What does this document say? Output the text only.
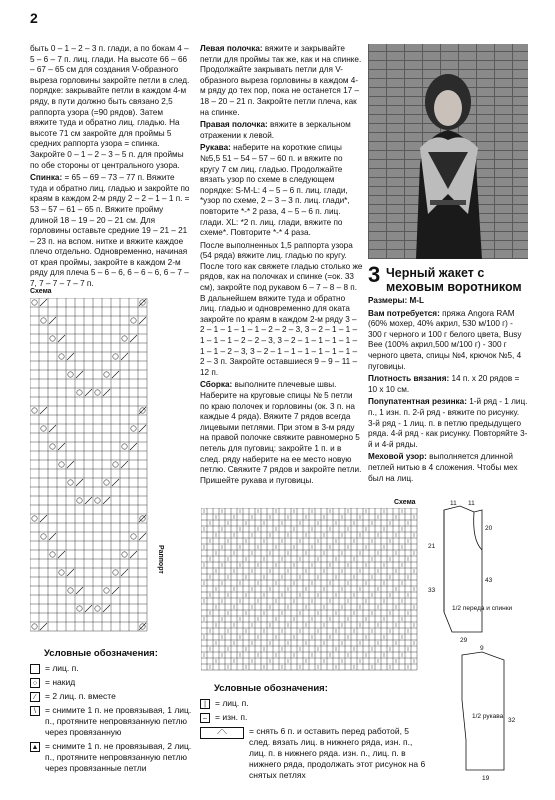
2

быть 0 – 1 – 2 – 3 п. глади, а по бокам 4 – 5 – 6 – 7 п. лиц. глади. На высоте 66 – 66 – 67 – 65 см для создания V-образного выреза горловины закройте петли в след. порядке: закрывайте петли в каждом 4-м ряду, в пути должно быть связано 2,5 раппорта узора (=90 рядов). Затем вяжите туда и обратно лиц. гладью. На высоте 71 см закройте для проймы 5 средних раппорта узора = спинка. Закройте 0 – 1 – 2 – 3 – 5 п. для проймы по обе стороны от центрального узора.

Спинка: = 65 – 69 – 73 – 77 п. Вяжите туда и обратно лиц. гладью и закройте по краям в каждом 2-м ряду 2 – 2 – 1 – 1 п. = 53 – 57 – 61 – 65 п. Вяжите пройму длиной 18 – 19 – 20 – 21 см. Для горловины оставьте средние 19 – 21 – 21 – 23 п. на вспом. нитке и вяжите каждое плечо отдельно. Одновременно, начиная от края проймы, закройте в каждом 2-м ряду для плеча 5 – 6 – 6, 6 – 6 – 6, 6 – 7 – 7, 7 – 7 – 7 – 7 п.

Левая полочка: вяжите и закрывайте петли для проймы так же, как и на спинке. Продолжайте закрывать петли для V-образного выреза горловины в каждом 4-м ряду до тех пор, пока не останется 17 – 18 – 20 – 21 п. Закройте петли плеча, как на спинке.

Правая полочка: вяжите в зеркальном отражении к левой.

Рукава: наберите на короткие спицы №5,5 51 – 54 – 57 – 60 п. и вяжите по кругу 7 см лиц. гладью. Продолжайте вязать узор по схеме в следующем порядке: S-M-L: 4 – 5 – 6 п. лиц. глади, *узор по схеме, 2 – 3 – 3 п. лиц. глади*, повторите *-* 2 раза, 4 – 5 – 6 п. лиц. глади. XL: *2 п. лиц. глади, вяжите по схеме*. Повторите *-* 4 раза.

После выполненных 1,5 раппорта узора (54 ряда) вяжите лиц. гладью по кругу. После того как свяжете гладью столько же рядов, как на полочках и спинке (=ок. 33 см), закройте под рукавом 6 – 7 – 8 – 8 п. В дальнейшем вяжите туда и обратно лиц. гладью и одновременно для оката закройте по краям в каждом 2-м ряду 3 – 2 – 1 – 1 – 1 – 1 – 2 – 2 – 3, 3 – 2 – 1 – 1 – 1 – 1 – 1 – 2 – 2 – 3, 3 – 2 – 1 – 1 – 1 – 1 – 1 – 1 – 2 – 3, 3 – 2 – 1 – 1 – 1 – 1 – 1 – 1 – 2 – 3 п. Закройте оставшиеся 9 – 9 – 11 – 12 п.

Сборка: выполните плечевые швы. Наберите на круговые спицы № 5 петли по краю полочек и горловины (ок. 3 п. на каждые 4 ряда). Вяжите 7 рядов всегда лицевыми петлями. При этом в 3-м ряду на правой полочке свяжите равномерно 5 петель для пуговиц: закройте 1 п. и в след. ряду наберите на ее место новую петлю. Свяжите 7 рядов и закройте петли. Пришейте рукава и пуговицы.

3 Черный жакет с меховым воротником

Размеры: M-L

Вам потребуется: пряжа Angora RAM (60% мохер, 40% акрил, 530 м/100 г) - 300 г черного и 100 г белого цвета, Busy Bee (100% акрил,500 м/100 г) - 300 г черного цвета, спицы №4, крючок №5, 4 пуговицы.

Плотность вязания: 14 п. х 20 рядов = 10 х 10 см.

Попупатентная резинка: 1-й ряд - 1 лиц. п., 1 изн. п. 2-й ряд - вяжите по рисунку. 3-й ряд - 1 лиц. п. в петлю предыдущего ряда. 4-й ряд - как рисунку. Повторяйте 3-й и 4-й ряды.

Меховой узор: выполняется длинной петлей нитью в 4 сложения. Чтобы мех был на лиц.

Схема
Раппорт
Условные обозначения:
= лиц. п.
○ = накид
⁄	= 2 лиц. п. вместе
\	= снимите 1 п. не провязывая, 1 лиц. п., протяните непровязанную петлю через провязанную
▲ = снимите 1 п. не провязывая, 2 лиц. п., протяните непровязанную петлю через провязанные петли
Схема
Условные обозначения:
|	= лиц. п.
– = изн. п.
⟋⟍	= снять 6 п. и оставить перед работой, 5 след. вязать лиц. в нижнего ряда, изн. п., лиц. п. в нижнего ряда. изн. п., лиц. п. в нижнего ряда, продолжать этот рисунок на 6 снятых петлях
11 11
21
20
33
43
1/2 переда и спинки
29
9
1/2 рукава
32
19
